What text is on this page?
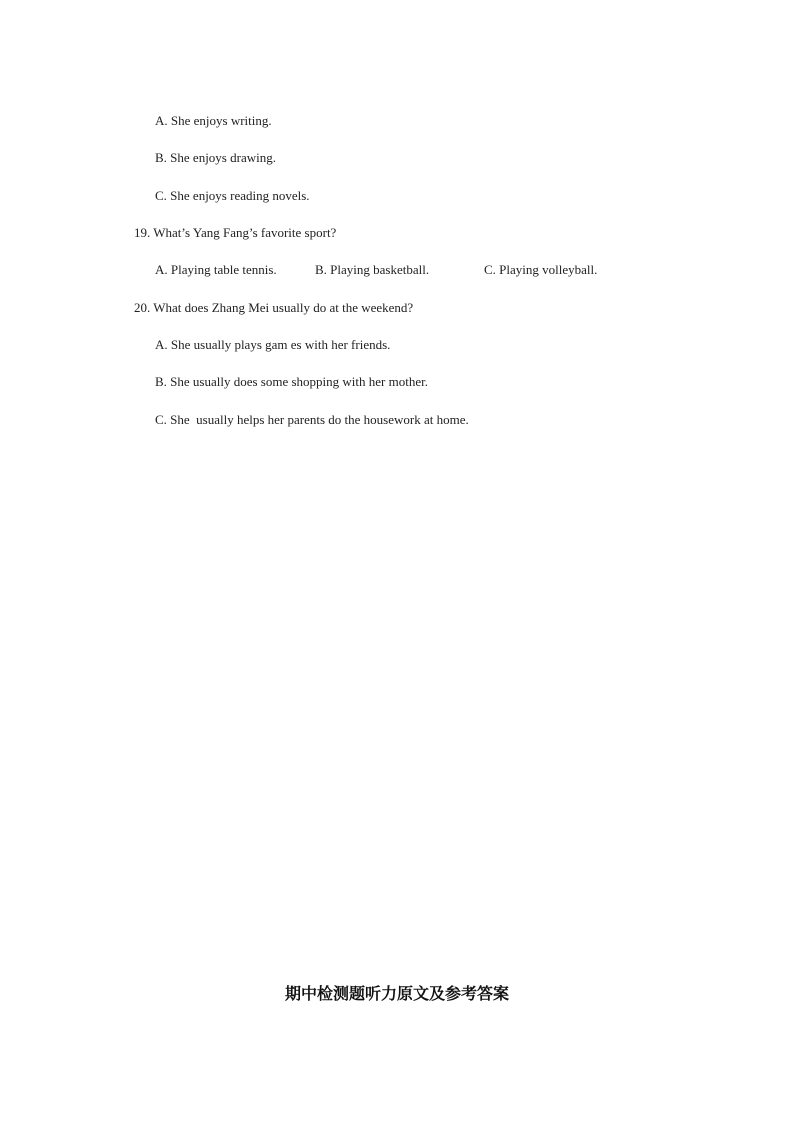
A. She enjoys writing.
B. She enjoys drawing.
C. She enjoys reading novels.
19. What’s Yang Fang’s favorite sport?

A. Playing table tennis.

	B. Playing basketball.

	C. Playing volleyball.

20. What does Zhang Mei usually do at the weekend?
A. She usually plays gam es with her friends.
B. She usually does some shopping with her mother.
C. She  usually helps her parents do the housework at home.
期中检测题听力原文及参考答案
